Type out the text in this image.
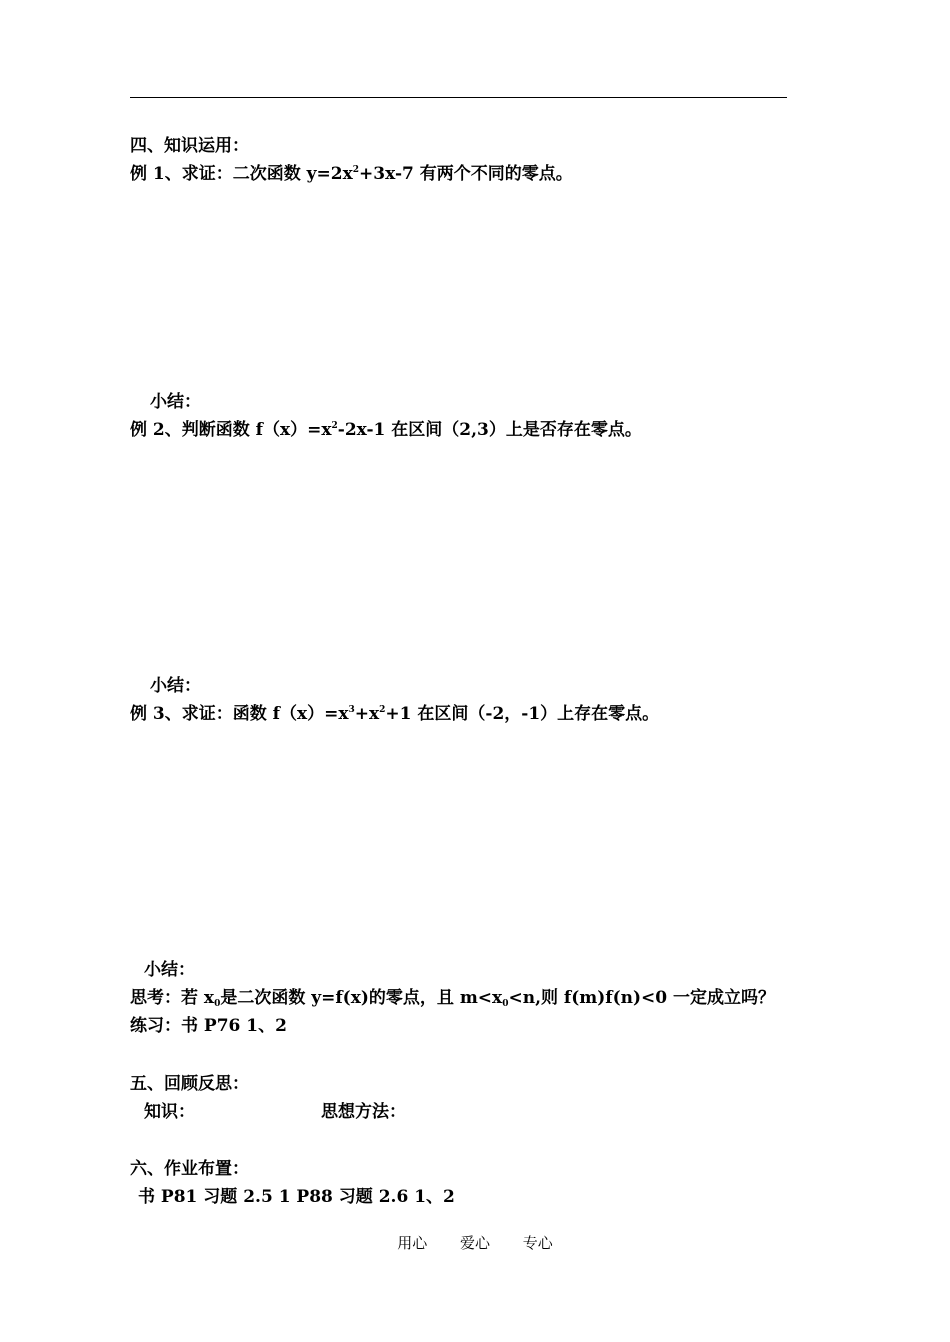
四、知识运用：
例 1、求证：二次函数 $y=2x^2+3x-7$ 有两个不同的零点。
小结：
例 2、判断函数 $f(x)=x^2-2x-1$ 在区间（2,3）上是否存在零点。
小结：
例 3、求证：函数 $f(x)=x^3+x^2+1$ 在区间（-2，-1）上存在零点。
小结：
思考：若 $x_0$是二次函数 y=f(x)的零点，且 $m<x_0<n$,则 f(m)f(n)<0 一定成立吗？
练习：书 P76 1、2
五、回顾反思：
知识：	思想方法：
六、作业布置：
书 P81 习题 2.5 1 P88 习题 2.6 1、2
用心 爱心 专心
